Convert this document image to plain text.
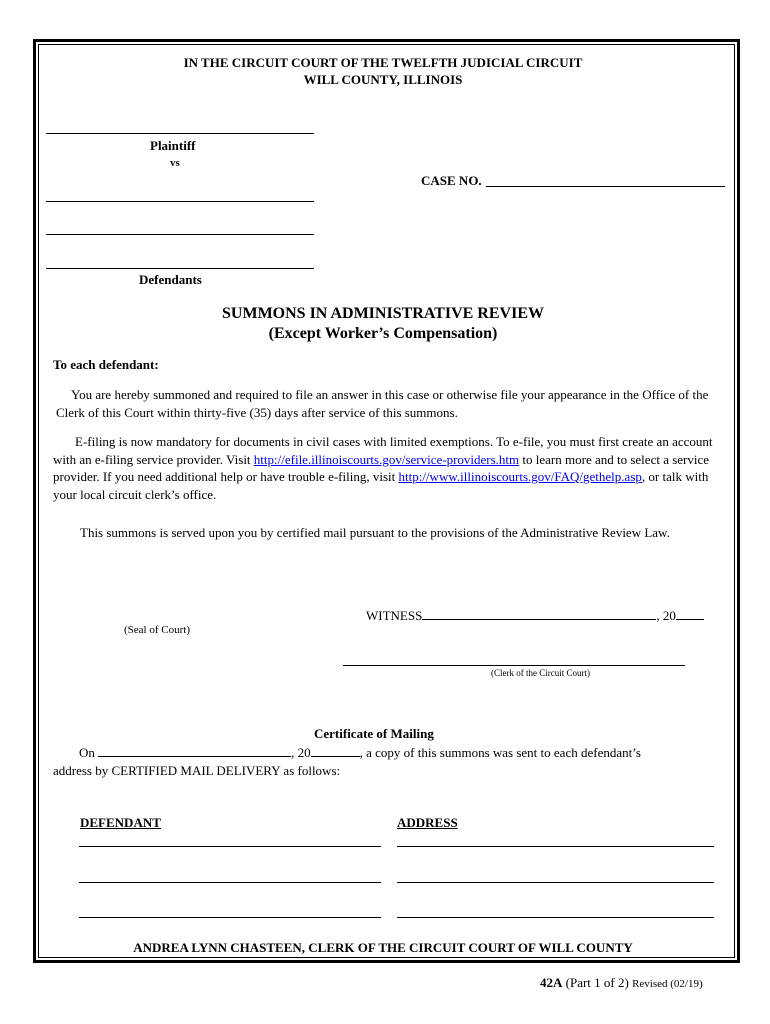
IN THE CIRCUIT COURT OF THE TWELFTH JUDICIAL CIRCUIT
WILL COUNTY, ILLINOIS
Plaintiff
vs
CASE NO.
Defendants
SUMMONS IN ADMINISTRATIVE REVIEW
(Except Worker’s Compensation)
To each defendant:

You are hereby summoned and required to file an answer in this case or otherwise file your appearance in the Office of the Clerk of this Court within thirty-five (35) days after service of this summons.

E-filing is now mandatory for documents in civil cases with limited exemptions. To e-file, you must first create an account with an e-filing service provider. Visit http://efile.illinoiscourts.gov/service-providers.htm to learn more and to select a service provider. If you need additional help or have trouble e-filing, visit http://www.illinoiscourts.gov/FAQ/gethelp.asp, or talk with your local circuit clerk’s office.

This summons is served upon you by certified mail pursuant to the provisions of the Administrative Review Law.

WITNESS	, 20
(Seal of Court)
(Clerk of the Circuit Court)
Certificate of Mailing
On	, 20	, a copy of this summons was sent to each defendant’s
address by CERTIFIED MAIL DELIVERY as follows:
DEFENDANT	ADDRESS
ANDREA LYNN CHASTEEN, CLERK OF THE CIRCUIT COURT OF WILL COUNTY
42A (Part 1 of 2) Revised (02/19)
